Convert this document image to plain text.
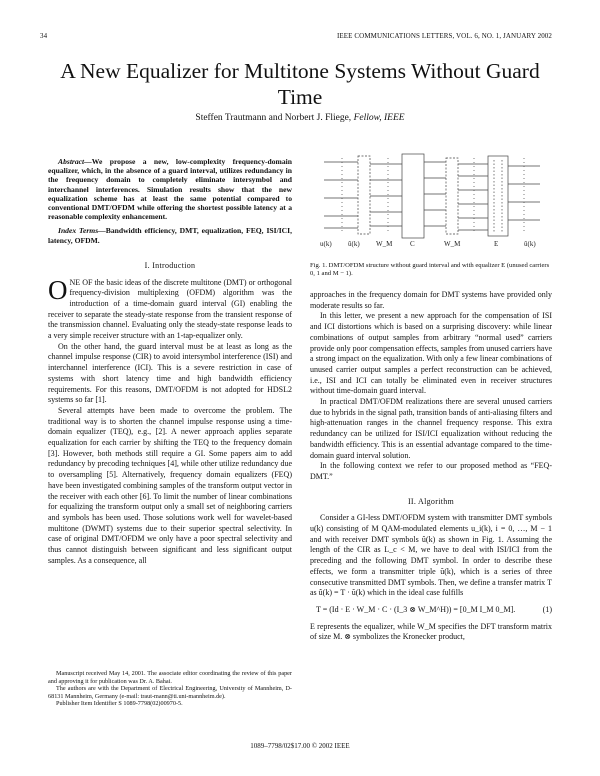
34	IEEE COMMUNICATIONS LETTERS, VOL. 6, NO. 1, JANUARY 2002
A New Equalizer for Multitone Systems Without Guard Time
Steffen Trautmann and Norbert J. Fliege, Fellow, IEEE

Abstract—We propose a new, low-complexity frequency-domain equalizer, which, in the absence of a guard interval, utilizes redundancy in the frequency domain to completely eliminate intersymbol and interchannel interferences. Simulation results show that the new equalization scheme has at least the same potential compared to conventional DMT/OFDM while offering the shortest possible latency at a reasonable complexity enhancement.

Index Terms—Bandwidth efficiency, DMT, equalization, FEQ, ISI/ICI, latency, OFDM.

I. Introduction

ONE OF the basic ideas of the discrete multitone (DMT) or orthogonal frequency-division multiplexing (OFDM) algorithm was the introduction of a time-domain guard interval (GI) enabling the receiver to separate the steady-state response from the transient response of the transmission channel. Evaluating only the steady-state response leads to a very simple receiver structure with an 1-tap-equalizer only.

On the other hand, the guard interval must be at least as long as the channel impulse response (CIR) to avoid intersymbol interference (ISI) and interchannel interference (ICI). This is a severe restriction in case of systems with short latency time and high bandwidth efficiency requirements. For this reasons, DMT/OFDM is not adopted for HDSL2 systems so far [1].

Several attempts have been made to overcome the problem. The traditional way is to shorten the channel impulse response using a time-domain equalizer (TEQ), e.g., [2]. A newer approach applies separate equalization for each carrier by shifting the TEQ to the frequency domain [3]. However, both methods still require a GI. Some papers aim to add redundancy by precoding techniques [4], while other utilize redundancy due to oversampling [5]. Alternatively, frequency domain equalizers (FEQ) have been investigated combining samples of the transform output vector in the receiver with each other [6]. To limit the number of linear combinations for equalizing the transform output only a small set of neighboring carriers and symbols has been used. Those solutions work well for wavelet-based multitone (DWMT) systems due to their superior spectral selectivity. In case of original DMT/OFDM we only have a poor spectral selectivity and thus cannot distinguish between significant and less significant output samples. As a consequence, all

Manuscript received May 14, 2001. The associate editor coordinating the review of this paper and approving it for publication was Dr. A. Bahai.

The authors are with the Department of Electrical Engineering, University of Mannheim, D-68131 Mannheim, Germany (e-mail: traut-mann@ti.uni-mannheim.de).

Publisher Item Identifier S 1089-7798(02)00970-5.

u(k) ũ(k) W_M	C	W_M	E	û(k)
Fig. 1. DMT/OFDM structure without guard interval and with equalizer E (unused carriers 0, 1 and M − 1).

approaches in the frequency domain for DMT systems have provided only moderate results so far.

In this letter, we present a new approach for the compensation of ISI and ICI distortions which is based on a surprising discovery: while linear combinations of output samples from arbitrary “normal used” carriers provide only poor compensation effects, samples from unused carriers have a strong impact on the equalization. With only a few linear combinations of unused carrier output samples a perfect reconstruction can be achieved, i.e., ISI and ICI can totally be eliminated even in receiver structures without time-domain guard interval.

In practical DMT/OFDM realizations there are several unused carriers due to hybrids in the signal path, transition bands of anti-aliasing filters and high-attenuation ranges in the channel frequency response. This extra redundancy can be utilized for ISI/ICI equalization without reducing the bandwidth efficiency. This is an essential advantage compared to the time-domain guard interval solution.

In the following context we refer to our proposed method as “FEQ-DMT.”

II. Algorithm

Consider a GI-less DMT/OFDM system with transmitter DMT symbols u(k) consisting of M QAM-modulated elements u_i(k), i = 0, …, M − 1 and with receiver DMT symbols û(k) as shown in Fig. 1. Assuming the length of the CIR as L_c < M, we have to deal with ISI/ICI from the preceding and the following DMT symbol. In order to describe these effects, we form a transmitter triple ũ(k), which is a series of three consecutive transmitted DMT symbols. Then, we define a transfer matrix T as û(k) = T · ũ(k) which in the ideal case fulfills

T = (Id · E · W_M · C · (I_3 ⊗ W_M^H)) = [0_M I_M 0_M].	(1)

E represents the equalizer, while W_M specifies the DFT transform matrix of size M. ⊗ symbolizes the Kronecker product,

1089–7798/02$17.00 © 2002 IEEE
